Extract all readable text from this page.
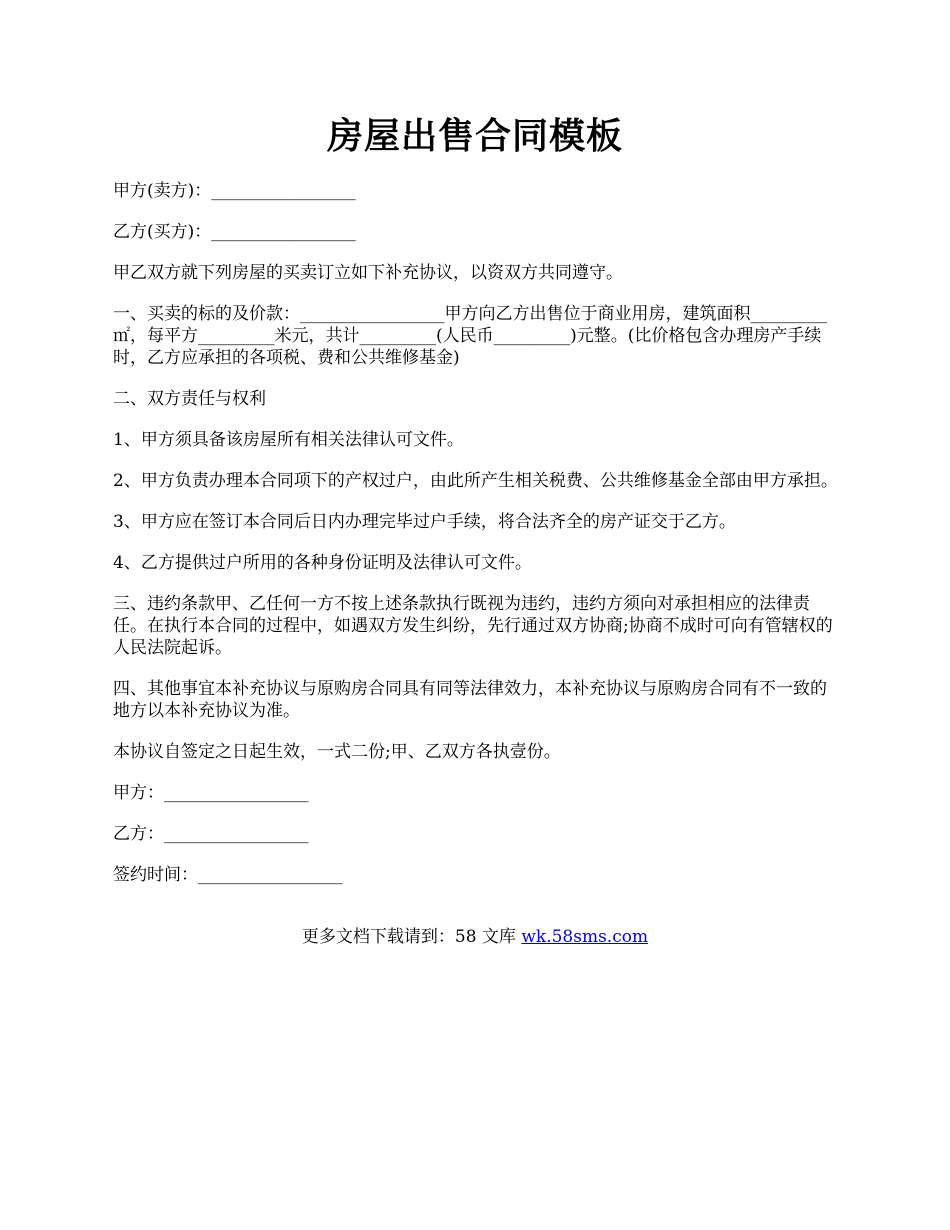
房屋出售合同模板

甲方(卖方)：_________________

乙方(买方)：_________________

甲乙双方就下列房屋的买卖订立如下补充协议，以资双方共同遵守。

一、买卖的标的及价款：_________________甲方向乙方出售位于商业用房，建筑面积_________㎡，每平方_________米元，共计_________(人民币_________)元整。(比价格包含办理房产手续时，乙方应承担的各项税、费和公共维修基金)

二、双方责任与权利

1、甲方须具备该房屋所有相关法律认可文件。

2、甲方负责办理本合同项下的产权过户，由此所产生相关税费、公共维修基金全部由甲方承担。

3、甲方应在签订本合同后日内办理完毕过户手续，将合法齐全的房产证交于乙方。

4、乙方提供过户所用的各种身份证明及法律认可文件。

三、违约条款甲、乙任何一方不按上述条款执行既视为违约，违约方须向对承担相应的法律责任。在执行本合同的过程中，如遇双方发生纠纷，先行通过双方协商;协商不成时可向有管辖权的人民法院起诉。

四、其他事宜本补充协议与原购房合同具有同等法律效力，本补充协议与原购房合同有不一致的地方以本补充协议为准。

本协议自签定之日起生效，一式二份;甲、乙双方各执壹份。

甲方：_________________

乙方：_________________

签约时间：_________________

更多文档下载请到：58 文库 wk.58sms.com
